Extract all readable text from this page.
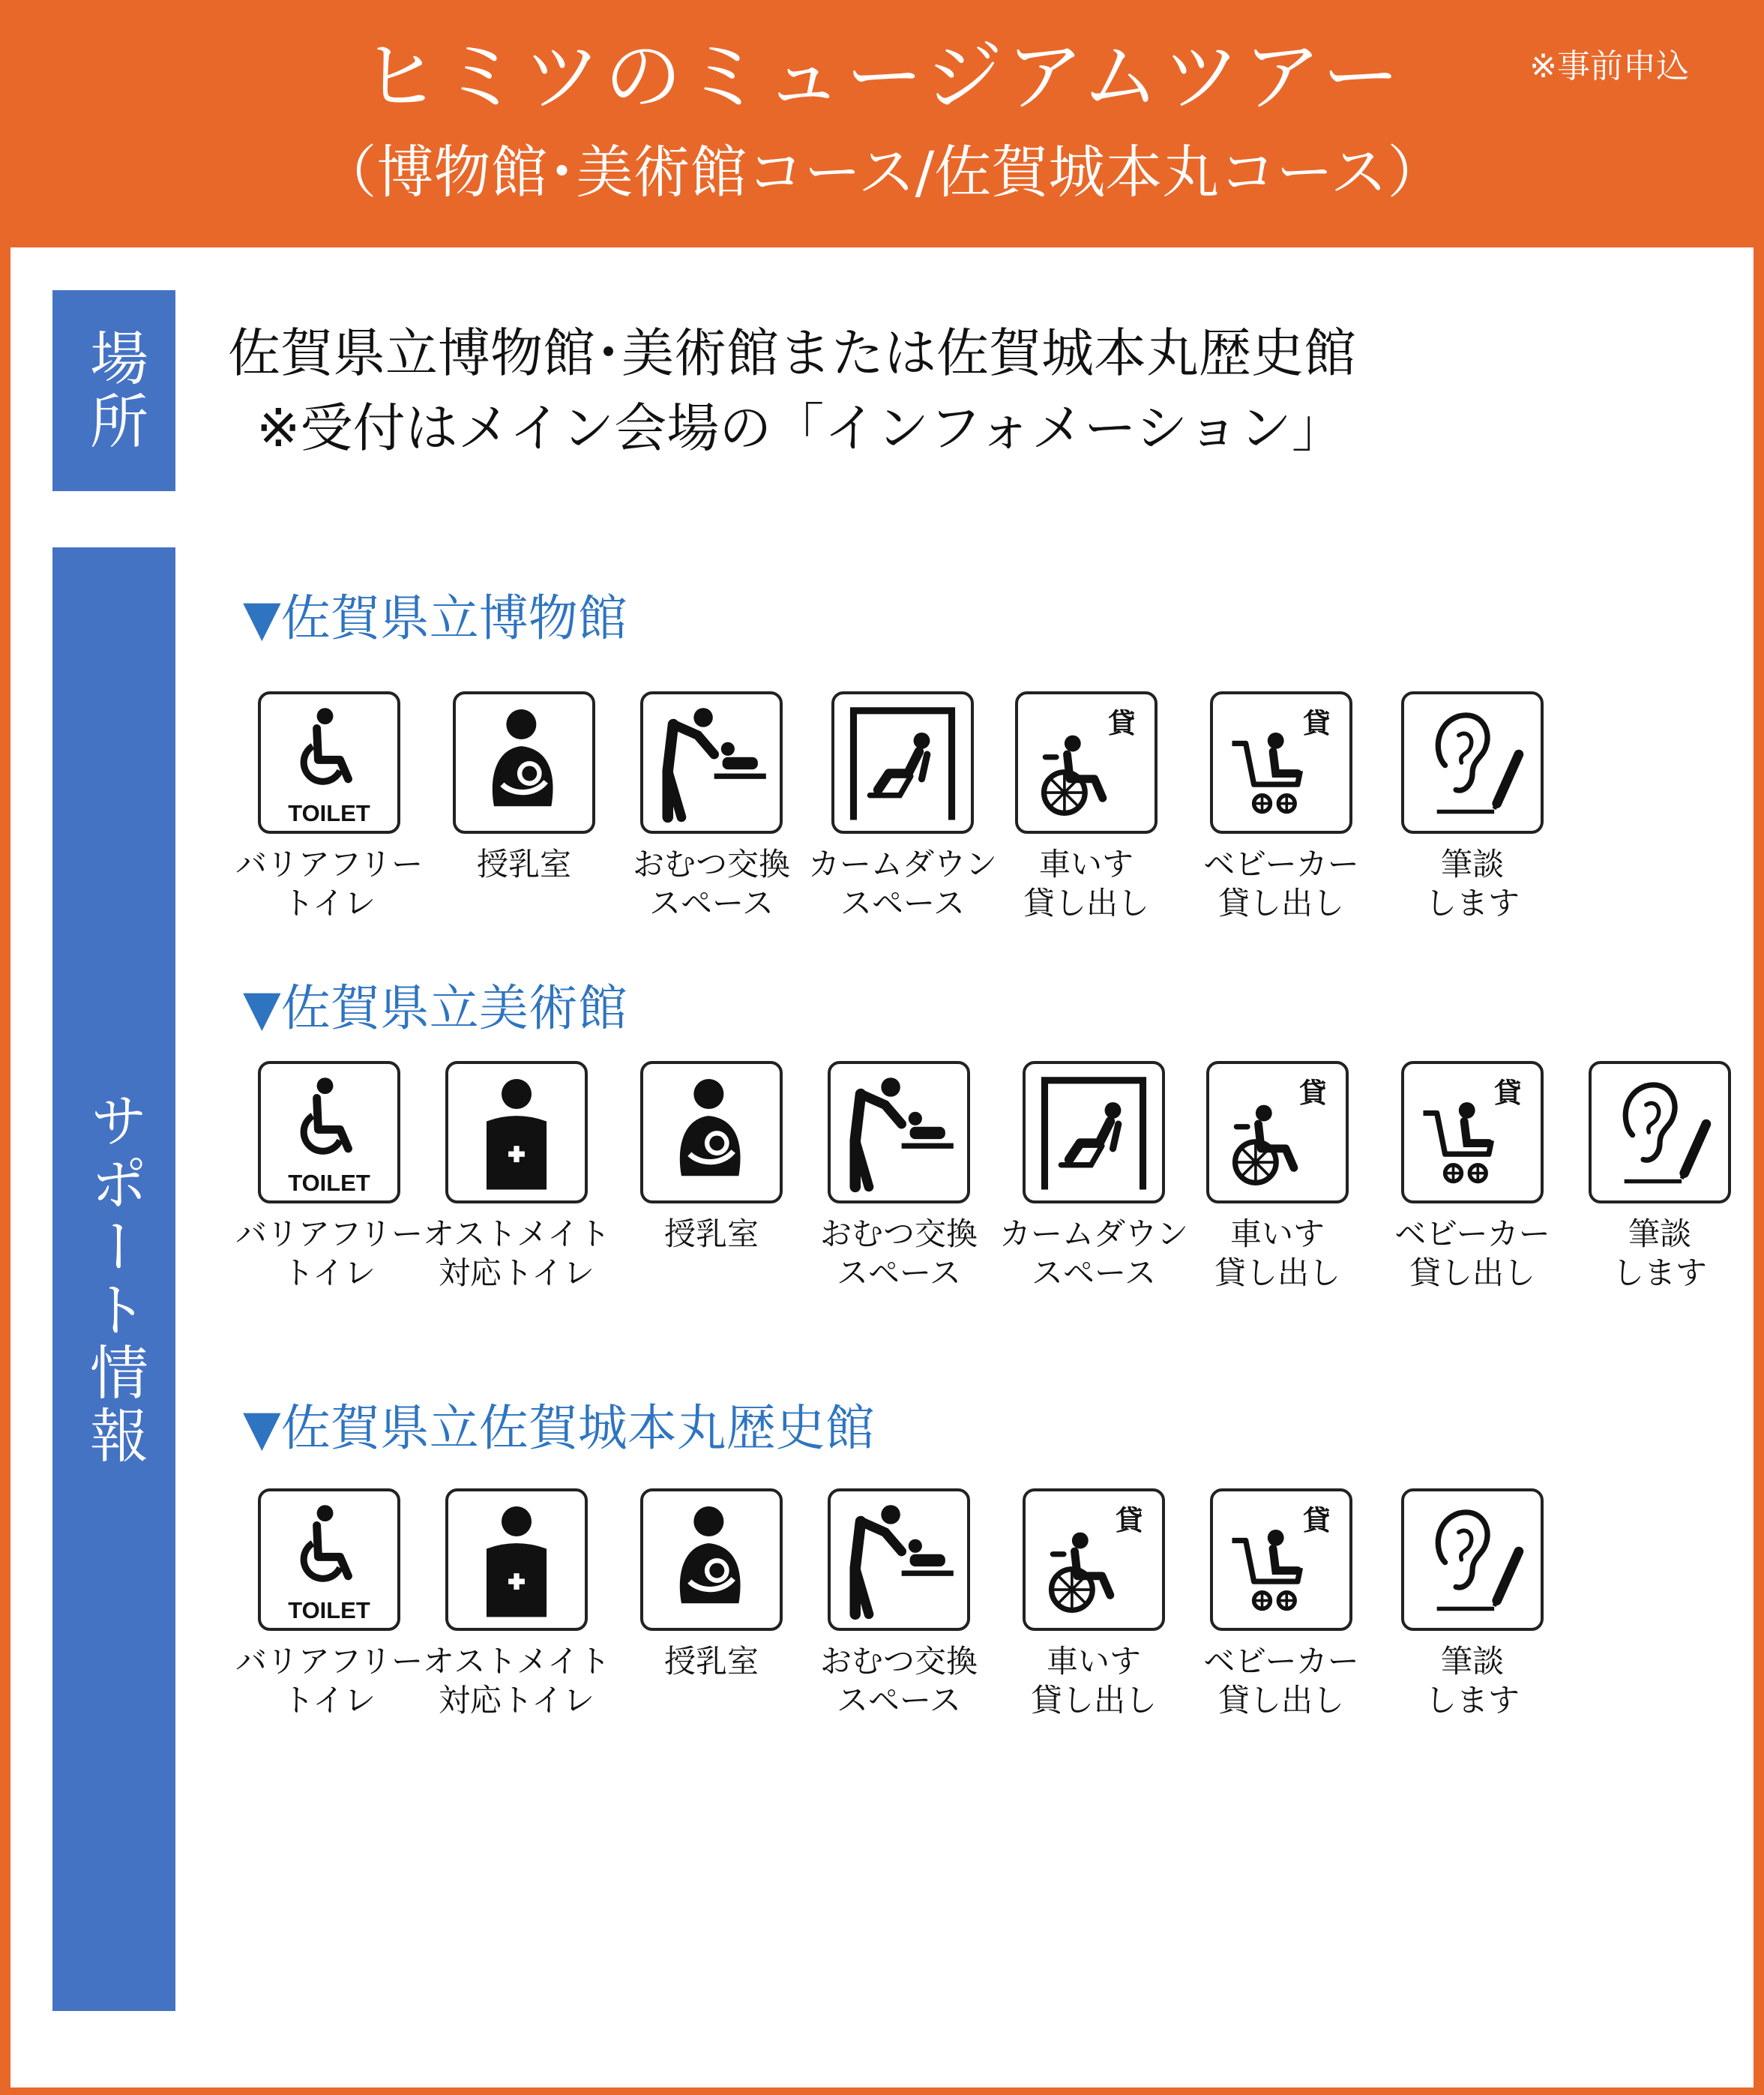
ヒミツのミュージアムツアー	※事前申込
（博物館･美術館コース/佐賀城本丸コース）
場所	佐賀県立博物館･美術館または佐賀城本丸歴史館
※受付はメイン会場の「インフォメーション」
サポート情報
▼佐賀県立博物館
▼佐賀県立美術館
▼佐賀県立佐賀城本丸歴史館
TOILET
バリアフリー
トイレ
授乳室	おむつ交換
スペース
カームダウン
スペース
貸
車いす
貸し出し
貸
ベビーカー
貸し出し
筆談
します
TOILET
バリアフリー
トイレ
オストメイト
対応トイレ
授乳室	おむつ交換
スペース
カームダウン
スペース
貸
車いす
貸し出し
貸
ベビーカー
貸し出し
筆談
します
TOILET
バリアフリー
トイレ
オストメイト
対応トイレ
授乳室	おむつ交換
スペース
貸
車いす
貸し出し
貸
ベビーカー
貸し出し
筆談
します
